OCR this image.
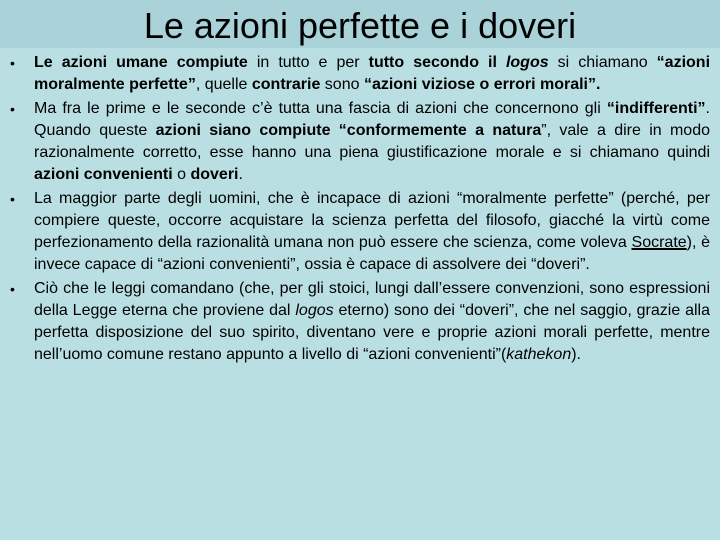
Le azioni perfette e i doveri
• Le azioni umane compiute in tutto e per tutto secondo il logos si chiamano “azioni moralmente perfette”, quelle contrarie sono “azioni viziose o errori morali”.

• Ma fra le prime e le seconde c’è tutta una fascia di azioni che concernono gli “indifferenti”. Quando queste azioni siano compiute “conformemente a natura”, vale a dire in modo razionalmente corretto, esse hanno una piena giustificazione morale e si chiamano quindi azioni convenienti o doveri.

• La maggior parte degli uomini, che è incapace di azioni “moralmente perfette” (perché, per compiere queste, occorre acquistare la scienza perfetta del filosofo, giacché la virtù come perfezionamento della razionalità umana non può essere che scienza, come voleva Socrate), è invece capace di “azioni convenienti”, ossia è capace di assolvere dei “doveri”.

• Ciò che le leggi comandano (che, per gli stoici, lungi dall’essere convenzioni, sono espressioni della Legge eterna che proviene dal logos eterno) sono dei “doveri”, che nel saggio, grazie alla perfetta disposizione del suo spirito, diventano vere e proprie azioni morali perfette, mentre nell’uomo comune restano appunto a livello di “azioni convenienti”(kathekon).
